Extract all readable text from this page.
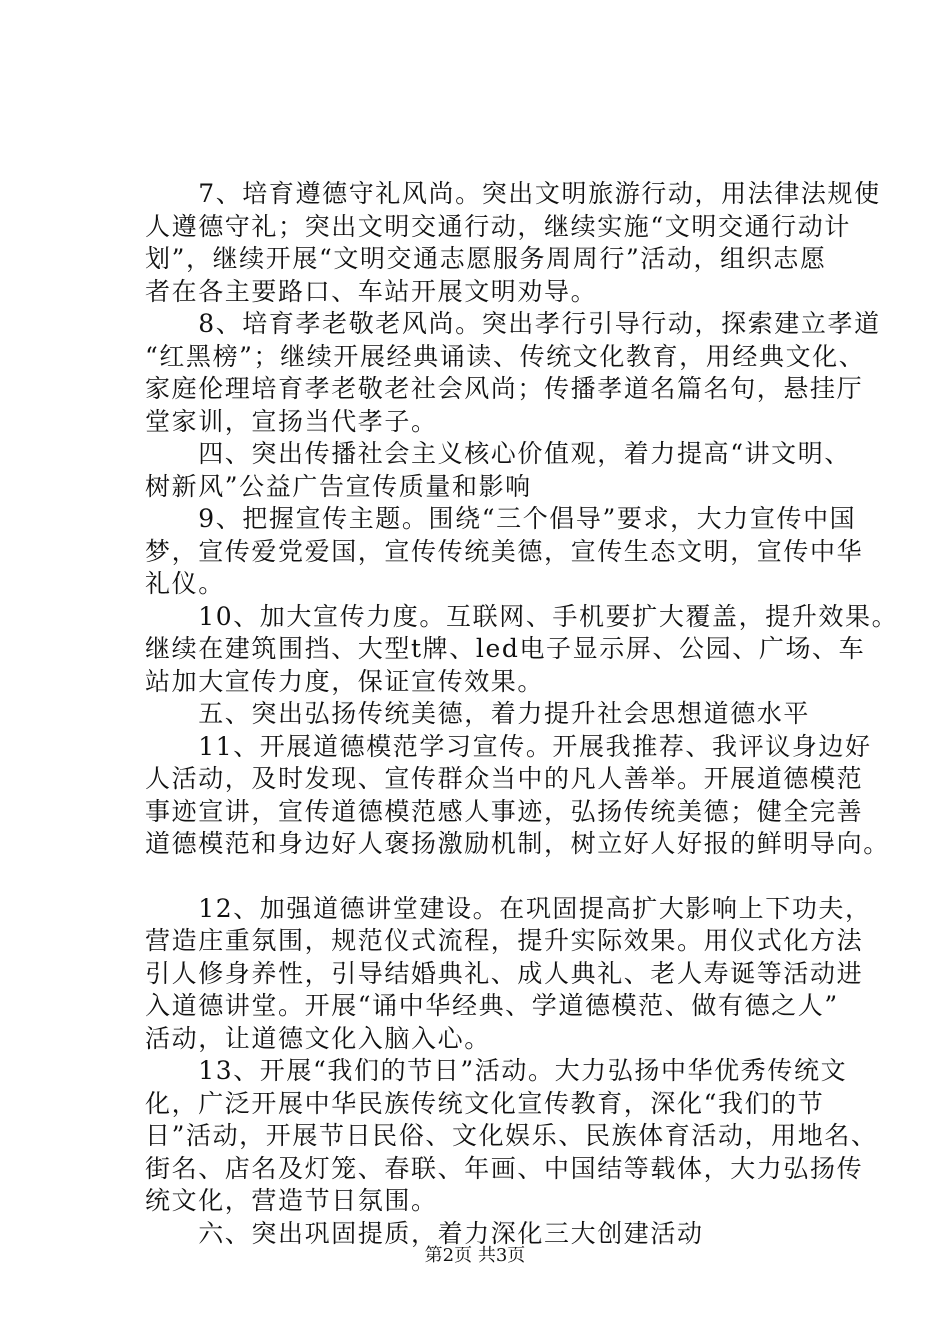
　　7、培育遵德守礼风尚。突出文明旅游行动，用法律法规使
人遵德守礼；突出文明交通行动，继续实施“文明交通行动计
划”，继续开展“文明交通志愿服务周周行”活动，组织志愿
者在各主要路口、车站开展文明劝导。
　　8、培育孝老敬老风尚。突出孝行引导行动，探索建立孝道
“红黑榜”；继续开展经典诵读、传统文化教育，用经典文化、
家庭伦理培育孝老敬老社会风尚；传播孝道名篇名句，悬挂厅
堂家训，宣扬当代孝子。
　　四、突出传播社会主义核心价值观，着力提高“讲文明、
树新风”公益广告宣传质量和影响
　　9、把握宣传主题。围绕“三个倡导”要求，大力宣传中国
梦，宣传爱党爱国，宣传传统美德，宣传生态文明，宣传中华
礼仪。
　　10、加大宣传力度。互联网、手机要扩大覆盖，提升效果。
继续在建筑围挡、大型t牌、led电子显示屏、公园、广场、车
站加大宣传力度，保证宣传效果。
　　五、突出弘扬传统美德，着力提升社会思想道德水平
　　11、开展道德模范学习宣传。开展我推荐、我评议身边好
人活动，及时发现、宣传群众当中的凡人善举。开展道德模范
事迹宣讲，宣传道德模范感人事迹，弘扬传统美德；健全完善
道德模范和身边好人褒扬激励机制，树立好人好报的鲜明导向。
　　12、加强道德讲堂建设。在巩固提高扩大影响上下功夫，
营造庄重氛围，规范仪式流程，提升实际效果。用仪式化方法
引人修身养性，引导结婚典礼、成人典礼、老人寿诞等活动进
入道德讲堂。开展“诵中华经典、学道德模范、做有德之人”
活动，让道德文化入脑入心。
　　13、开展“我们的节日”活动。大力弘扬中华优秀传统文
化，广泛开展中华民族传统文化宣传教育，深化“我们的节
日”活动，开展节日民俗、文化娱乐、民族体育活动，用地名、
街名、店名及灯笼、春联、年画、中国结等载体，大力弘扬传
统文化，营造节日氛围。
　　六、突出巩固提质，着力深化三大创建活动
第2页 共3页
